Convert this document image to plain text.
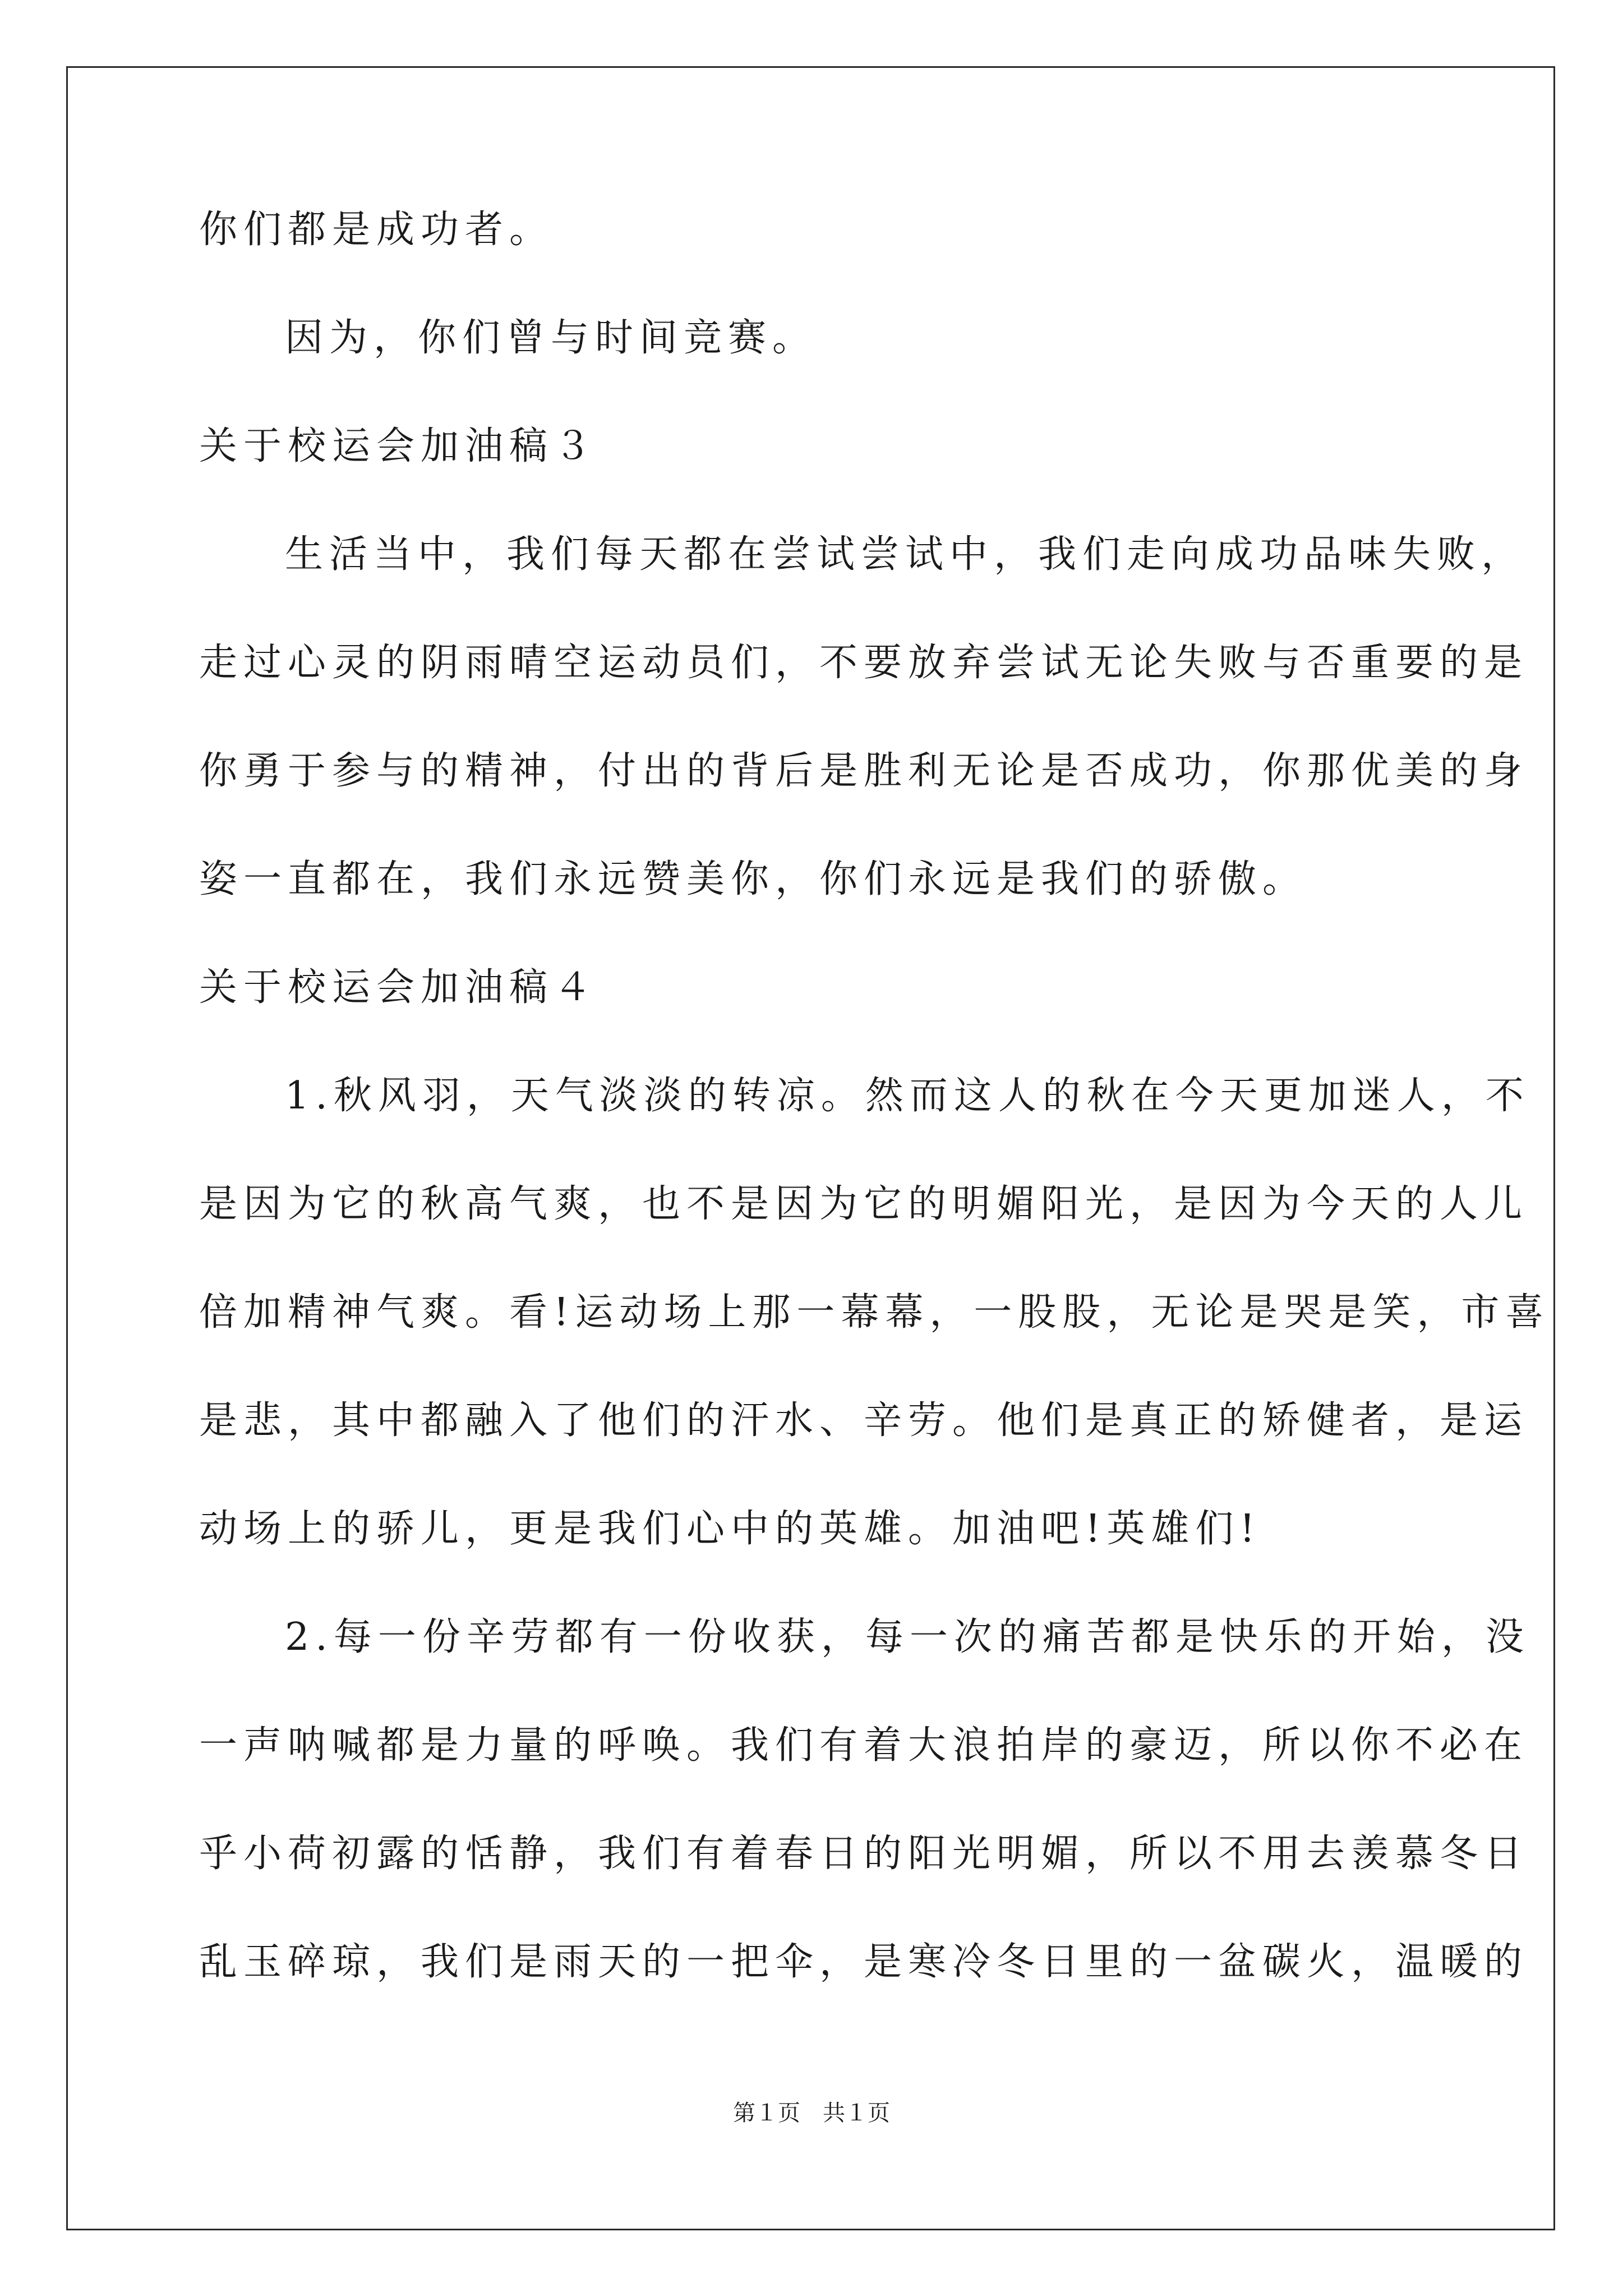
你们都是成功者。
因为，你们曾与时间竞赛。
关于校运会加油稿３
生活当中，我们每天都在尝试尝试中，我们走向成功品味失败，
走过心灵的阴雨晴空运动员们，不要放弃尝试无论失败与否重要的是
你勇于参与的精神，付出的背后是胜利无论是否成功，你那优美的身
姿一直都在，我们永远赞美你，你们永远是我们的骄傲。
关于校运会加油稿４
1.秋风羽，天气淡淡的转凉。然而这人的秋在今天更加迷人，不
是因为它的秋高气爽，也不是因为它的明媚阳光，是因为今天的人儿
倍加精神气爽。看!运动场上那一幕幕，一股股，无论是哭是笑，市喜
是悲，其中都融入了他们的汗水、辛劳。他们是真正的矫健者，是运
动场上的骄儿，更是我们心中的英雄。加油吧!英雄们!
2.每一份辛劳都有一份收获，每一次的痛苦都是快乐的开始，没
一声呐喊都是力量的呼唤。我们有着大浪拍岸的豪迈，所以你不必在
乎小荷初露的恬静，我们有着春日的阳光明媚，所以不用去羡慕冬日
乱玉碎琼，我们是雨天的一把伞，是寒冷冬日里的一盆碳火，温暖的
第１页　共１页
